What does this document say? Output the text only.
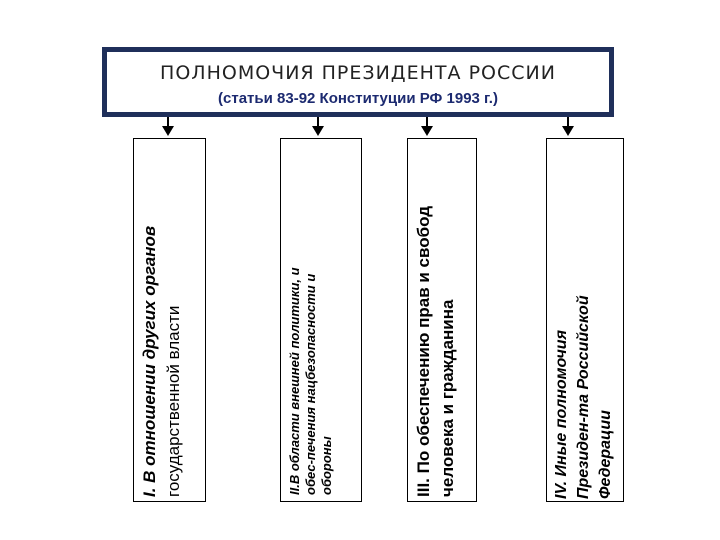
ПОЛНОМОЧИЯ ПРЕЗИДЕНТА РОССИИ
(статьи 83-92 Конституции РФ 1993 г.)
I. В отношении других органов государственной власти	II.В области внешней политики, и обес-печения нацбезопасности и обороны	III. По обеспечению прав и свобод человека и гражданина	IV. Иные полномочия Президен-та Российской Федерации
